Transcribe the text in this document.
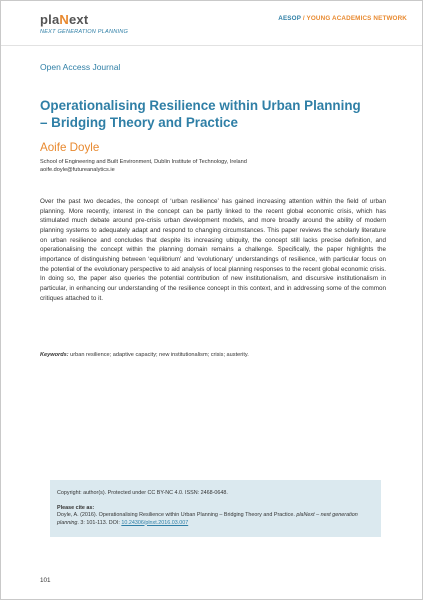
plaNext
NEXT GENERATION PLANNING
AESOP / YOUNG ACADEMICS NETWORK
Open Access Journal
Operationalising Resilience within Urban Planning – Bridging Theory and Practice
Aoife Doyle
School of Engineering and Built Environment, Dublin Institute of Technology, Ireland
aoife.doyle@futureanalytics.ie

Over the past two decades, the concept of ‘urban resilience’ has gained increasing attention within the field of urban planning. More recently, interest in the concept can be partly linked to the recent global economic crisis, which has stimulated much debate around pre-crisis urban development models, and more broadly around the ability of modern planning systems to adequately adapt and respond to changing circumstances. This paper reviews the scholarly literature on urban resilience and concludes that despite its increasing ubiquity, the concept still lacks precise definition, and operationalising the concept within the planning domain remains a challenge. Specifically, the paper highlights the importance of distinguishing between ‘equilibrium’ and ‘evolutionary’ understandings of resilience, with particular focus on the potential of the evolutionary perspective to aid analysis of local planning responses to the recent global economic crisis. In doing so, the paper also queries the potential contribution of new institutionalism, and discursive institutionalism in particular, in enhancing our understanding of the resilience concept in this context, and in addressing some of the common critiques attached to it.

Keywords: urban resilience; adaptive capacity; new institutionalism; crisis; austerity.
Copyright: author(s). Protected under CC BY-NC 4.0. ISSN: 2468-0648.
Please cite as:
Doyle, A. (2016). Operationalising Resilience within Urban Planning – Bridging Theory and Practice. plaNext – next generation planning. 3: 101-113. DOI: 10.24306/plnxt.2016.03.007
101
